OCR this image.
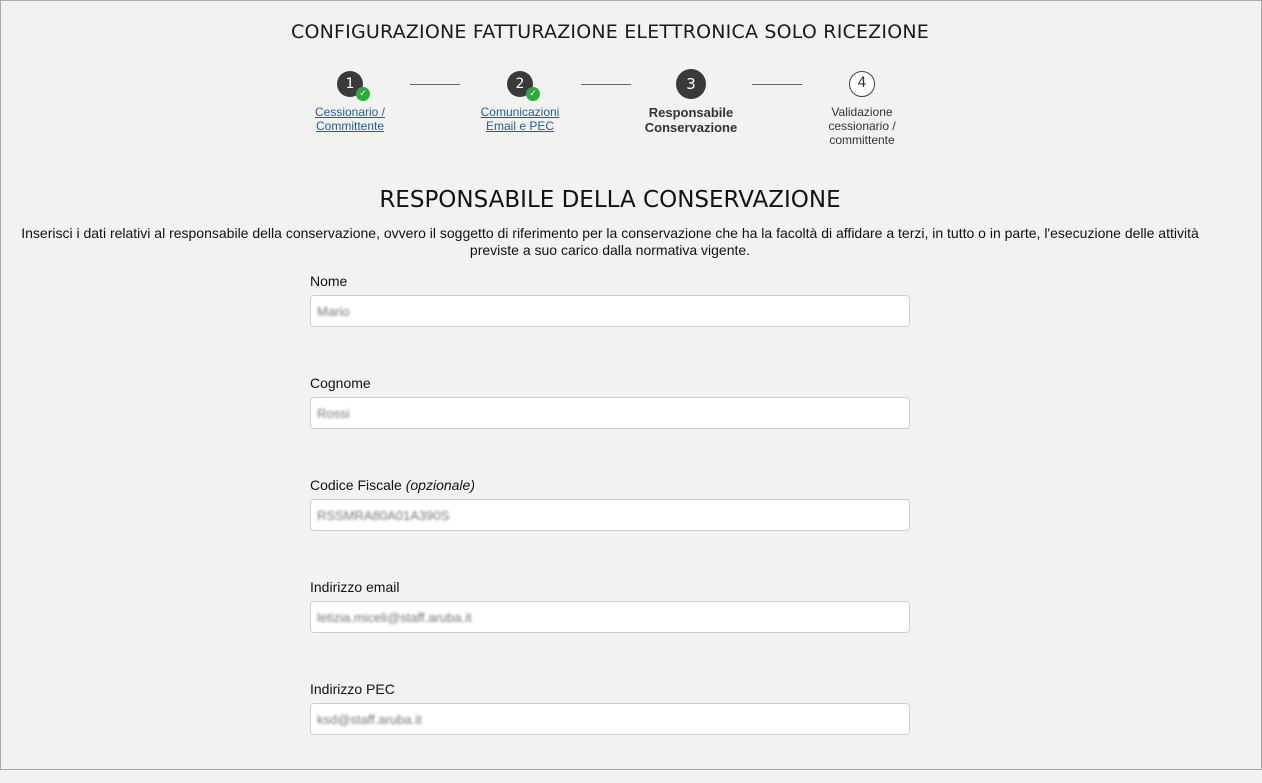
CONFIGURAZIONE FATTURAZIONE ELETTRONICA SOLO RICEZIONE
1
✓
Cessionario /
Committente
2
✓
Comunicazioni
Email e PEC
3
Responsabile
Conservazione
4
Validazione
cessionario /
committente
RESPONSABILE DELLA CONSERVAZIONE
Inserisci i dati relativi al responsabile della conservazione, ovvero il soggetto di riferimento per la conservazione che ha la facoltà di affidare a terzi, in tutto o in parte, l'esecuzione delle attività previste a suo carico dalla normativa vigente.
Nome
Mario
Cognome
Rossi
Codice Fiscale (opzionale)
RSSMRA80A01A390S
Indirizzo email
letizia.miceli@staff.aruba.it
Indirizzo PEC
ksd@staff.aruba.it
